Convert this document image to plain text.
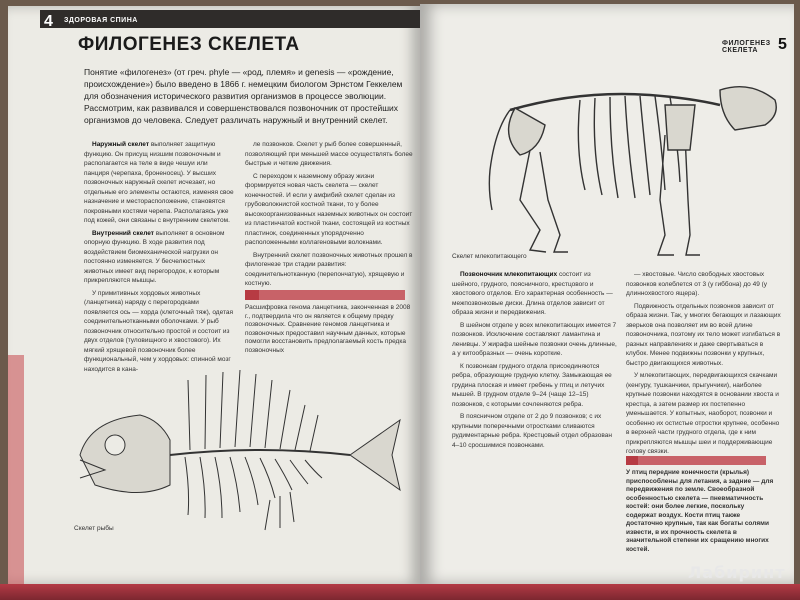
4 ЗДОРОВАЯ СПИНА
ФИЛОГЕНЕЗ СКЕЛЕТА

Понятие «филогенез» (от греч. phyle — «род, племя» и genesis — «рождение, происхождение») было введено в 1866 г. немецким биологом Эрнстом Геккелем для обозначения исторического развития организмов в процессе эволюции. Рассмотрим, как развивался и совершенствовался позвоночник от простейших организмов до человека. Следует различать наружный и внутренний скелет.

Наружный скелет выполняет защитную функцию. Он присущ низшим позвоночным и располагается на теле в виде чешуи или панциря (черепаха, броненосец). У высших позвоночных наружный скелет исчезает, но отдельные его элементы остаются, изменяя свое назначение и месторасположение, становятся покровными костями черепа. Располагаясь уже под кожей, они связаны с внутренним скелетом.

Внутренний скелет выполняет в основном опорную функцию. В ходе развития под воздействием биомеханической нагрузки он постоянно изменяется. У бесчелюстных животных имеет вид перегородок, к которым прикрепляются мышцы.

У примитивных хордовых животных (ланцетника) наряду с перегородками появляется ось — хорда (клеточный тяж), одетая соединительнотканными оболочками. У рыб позвоночник относительно простой и состоит из двух отделов (туловищного и хвостового). Их мягкий хрящевой позвоночник более функциональный, чем у хордовых: спинной мозг находится в кана-

ле позвонков. Скелет у рыб более совершенный, позволяющий при меньшей массе осуществлять более быстрые и четкие движения.

С переходом к наземному образу жизни формируется новая часть скелета — скелет конечностей. И если у амфибий скелет сделан из грубоволокнистой костной ткани, то у более высокоорганизованных наземных животных он состоит из пластинчатой костной ткани, состоящей из костных пластинок, соединенных упорядоченно расположенными коллагеновыми волокнами.

Внутренний скелет позвоночных животных прошел в филогенезе три стадии развития: соединительнотканную (перепончатую), хрящевую и костную.

Расшифровка генома ланцетника, законченная в 2008 г., подтвердила что он является к общему предку позвоночных. Сравнение геномов ланцетника и позвоночных предоставил научным данных, которые помогли восстановить предполагаемый кость предка позвоночных
Скелет рыбы
ФИЛОГЕНЕЗ СКЕЛЕТА	5
Скелет млекопитающего

Позвоночник млекопитающих состоит из шейного, грудного, поясничного, крестцового и хвостового отделов. Его характерная особенность — межпозвонковые диски. Длина отделов зависит от образа жизни и передвижения.

В шейном отделе у всех млекопитающих имеется 7 позвонков. Исключение составляют ламантина и ленивцы. У жирафа шейные позвонки очень длинные, а у китообразных — очень короткие.

К позвонкам грудного отдела присоединяются ребра, образующие грудную клетку. Замыкающая ее грудина плоская и имеет гребень у птиц и летучих мышей. В грудном отделе 9–24 (чаще 12–15) позвонков, с которыми сочленяются ребра.

В поясничном отделе от 2 до 9 позвонков; с их крупными поперечными отростками сливаются рудиментарные ребра. Крестцовый отдел образован 4–10 сросшимися позвонками.

— хвостовые. Число свободных хвостовых позвонков колеблется от 3 (у гиббона) до 49 (у длиннохвостого ящера).

Подвижность отдельных позвонков зависит от образа жизни. Так, у многих бегающих и лазающих зверьков она позволяет им во всей длине позвоночника, поэтому их тело может изгибаться в разных направлениях и даже свертываться в клубок. Менее подвижны позвонки у крупных, быстро двигающихся животных.

У млекопитающих, передвигающихся скачками (кенгуру, тушканчики, прыгунчики), наиболее крупные позвонки находятся в основании хвоста и крестца, а затем размер их постепенно уменьшается. У копытных, наоборот, позвонки и особенно их остистые отростки крупнее, особенно в верхней части грудного отдела, где к ним прикрепляются мышцы шеи и поддерживающие голову связки.

У птиц передние конечности (крылья) приспособлены для летания, а задние — для передвижения по земле. Своеобразной особенностью скелета — пневматичность костей: они более легкие, поскольку содержат воздух. Кости птиц также достаточно крупные, так как богаты солями извести, в их прочность скелета в значительной степени их сращению многих костей.
Лабиринт
